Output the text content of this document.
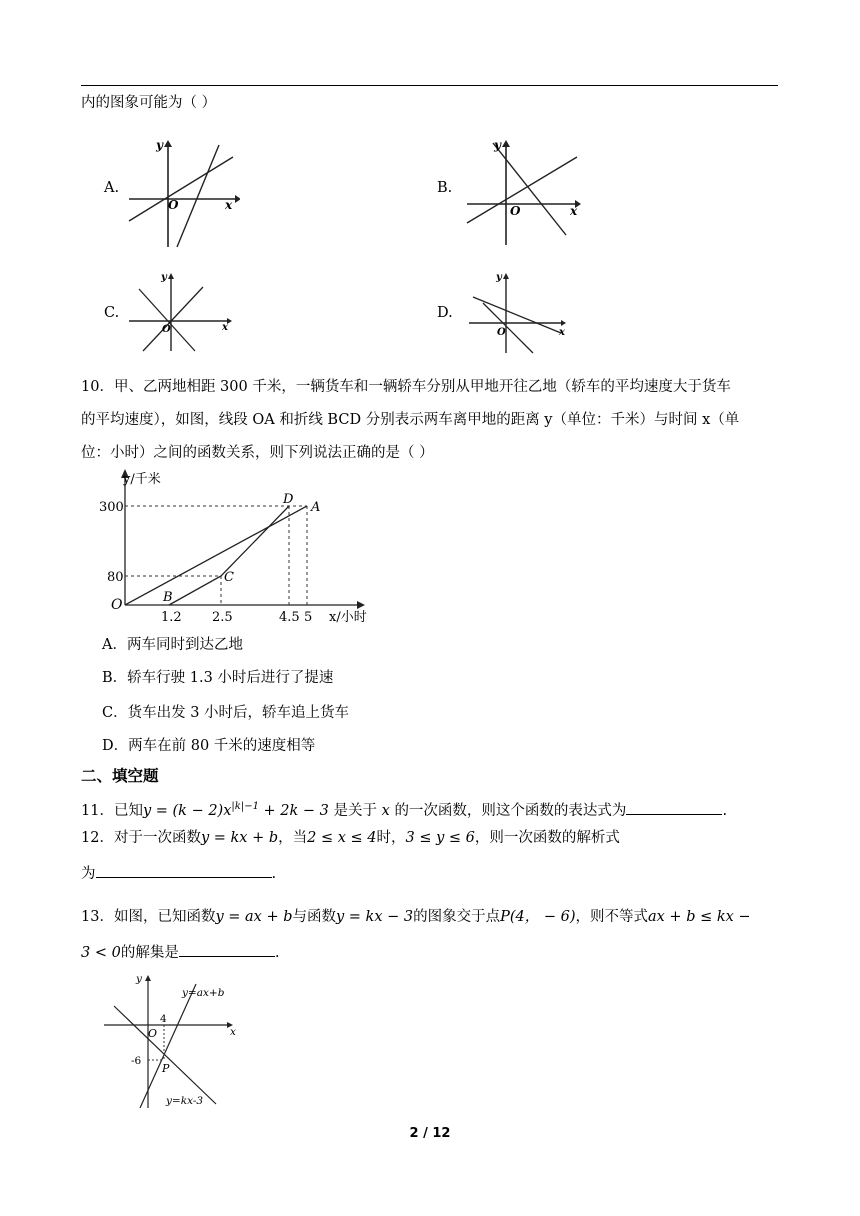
内的图象可能为（ ）
A.	B.
C.	D.
x
y
O	x
y
O
x
y
O	x
y
O
10．甲、乙两地相距 300 千米，一辆货车和一辆轿车分别从甲地开往乙地（轿车的平均速度大于货车
的平均速度），如图，线段 OA 和折线 BCD 分别表示两车离甲地的距离 y（单位：千米）与时间 x（单
位：小时）之间的函数关系，则下列说法正确的是（ ）
y/千米
x/小时
O
300
80
1.2 2.5	4.5 5
A
B
C
D
A．两车同时到达乙地
B．轿车行驶 1.3 小时后进行了提速
C．货车出发 3 小时后，轿车追上货车
D．两车在前 80 千米的速度相等
二、填空题
11．已知$y = (k - 2)x^{|k|-1} + 2k - 3$ 是关于 x 的一次函数，则这个函数的表达式为	.
12．对于一次函数y = kx + b，当2 ≤ x ≤ 4时，3 ≤ y ≤ 6，则一次函数的解析式
为	.
13．如图，已知函数y = ax + b与函数y = kx − 3的图象交于点P(4， − 6)，则不等式ax + b ≤ kx −
3 < 0的解集是	.
y=ax+b
y=kx-3
4
-6
P
O	x
y
2 / 12
